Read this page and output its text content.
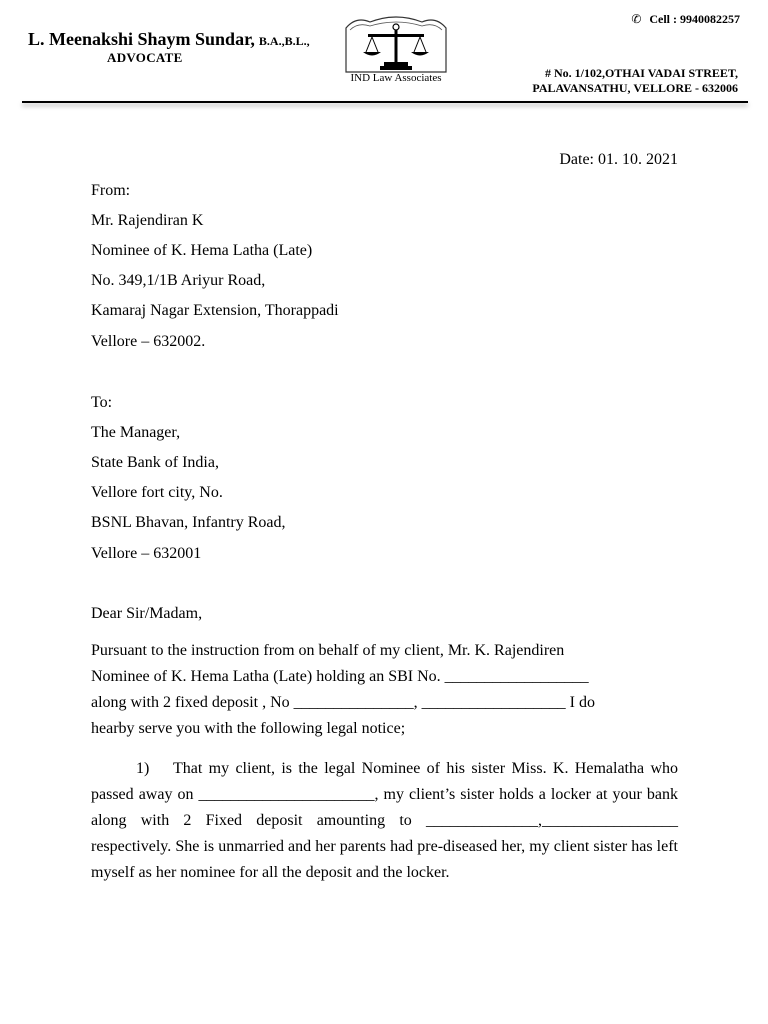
✆ Cell : 9940082257
L. Meenakshi Shaym Sundar, B.A.,B.L.,
ADVOCATE
IND Law Associates	# No. 1/102,OTHAI VADAI STREET,
PALAVANSATHU, VELLORE - 632006
Date: 01. 10. 2021
From:
Mr. Rajendiran K
Nominee of K. Hema Latha (Late)
No. 349,1/1B Ariyur Road,
Kamaraj Nagar Extension, Thorappadi
Vellore – 632002.
To:
The Manager,
State Bank of India,
Vellore fort city, No.
BSNL Bhavan, Infantry Road,
Vellore – 632001
Dear Sir/Madam,
Pursuant to the instruction from on behalf of my client, Mr. K. Rajendiren
Nominee of K. Hema Latha (Late) holding an SBI No. __________________
along with 2 fixed deposit , No _______________, __________________ I do
hearby serve you with the following legal notice;
1) That my client, is the legal Nominee of his sister Miss. K. Hemalatha who passed away on ______________________, my client’s sister holds a locker at your bank along with 2 Fixed deposit amounting to ______________,_________________ respectively. She is unmarried and her parents had pre-diseased her, my client sister has left myself as her nominee for all the deposit and the locker.
